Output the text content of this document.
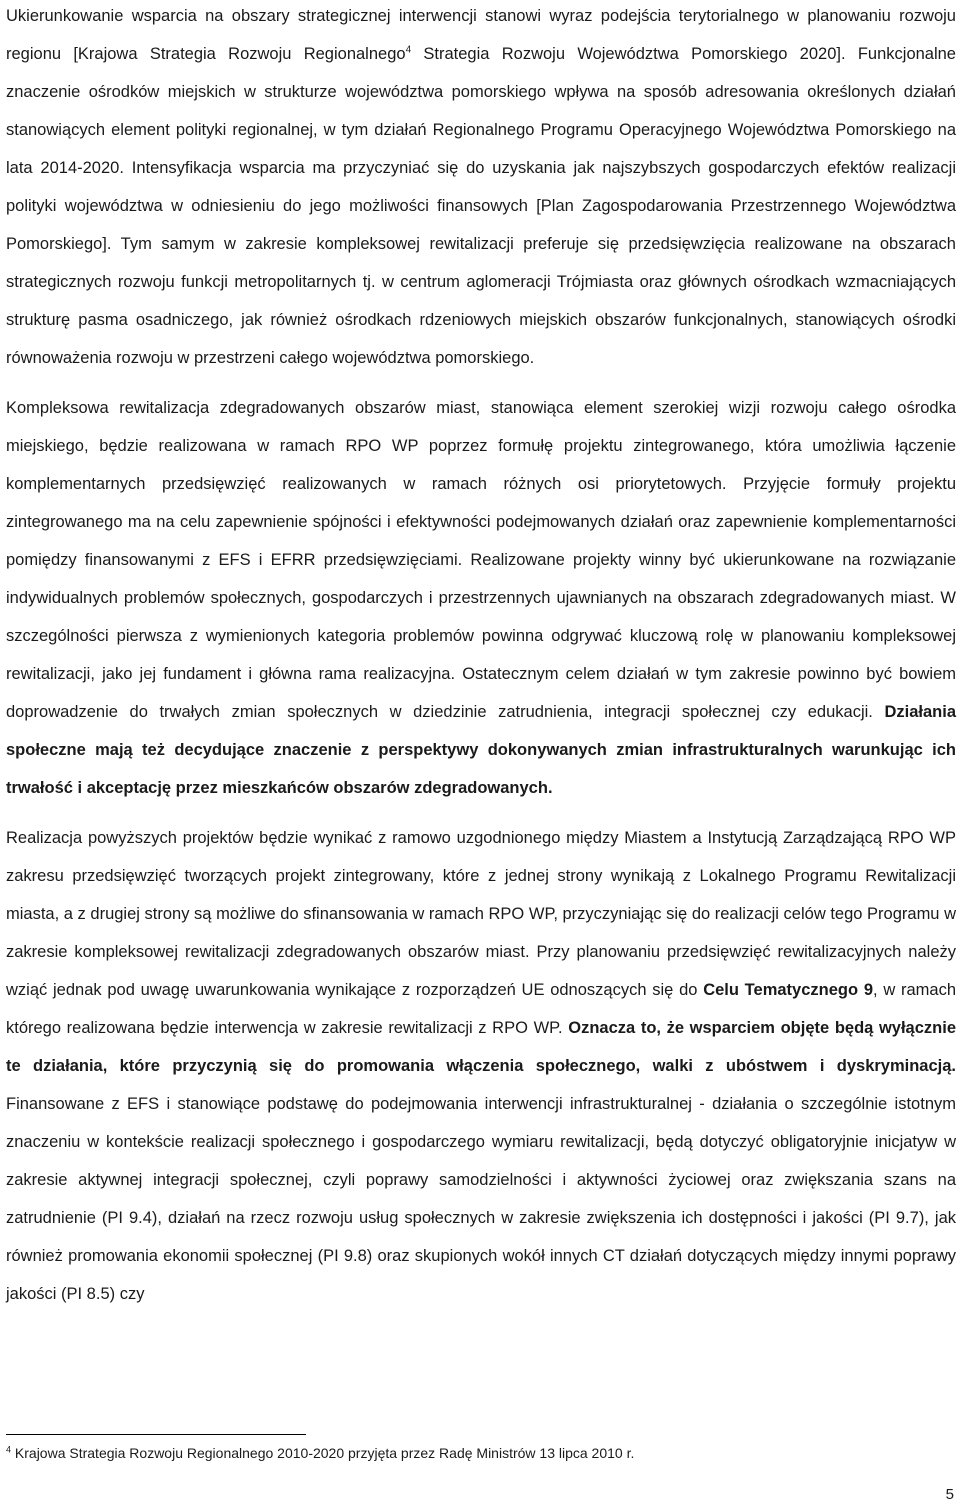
Ukierunkowanie wsparcia na obszary strategicznej interwencji stanowi wyraz podejścia terytorialnego w planowaniu rozwoju regionu [Krajowa Strategia Rozwoju Regionalnego$^4$ Strategia Rozwoju Województwa Pomorskiego 2020]. Funkcjonalne znaczenie ośrodków miejskich w strukturze województwa pomorskiego wpływa na sposób adresowania określonych działań stanowiących element polityki regionalnej, w tym działań Regionalnego Programu Operacyjnego Województwa Pomorskiego na lata 2014-2020. Intensyfikacja wsparcia ma przyczyniać się do uzyskania jak najszybszych gospodarczych efektów realizacji polityki województwa w odniesieniu do jego możliwości finansowych [Plan Zagospodarowania Przestrzennego Województwa Pomorskiego]. Tym samym w zakresie kompleksowej rewitalizacji preferuje się przedsięwzięcia realizowane na obszarach strategicznych rozwoju funkcji metropolitarnych tj. w centrum aglomeracji Trójmiasta oraz głównych ośrodkach wzmacniających strukturę pasma osadniczego, jak również ośrodkach rdzeniowych miejskich obszarów funkcjonalnych, stanowiących ośrodki równoważenia rozwoju w przestrzeni całego województwa pomorskiego.

Kompleksowa rewitalizacja zdegradowanych obszarów miast, stanowiąca element szerokiej wizji rozwoju całego ośrodka miejskiego, będzie realizowana w ramach RPO WP poprzez formułę projektu zintegrowanego, która umożliwia łączenie komplementarnych przedsięwzięć realizowanych w ramach różnych osi priorytetowych. Przyjęcie formuły projektu zintegrowanego ma na celu zapewnienie spójności i efektywności podejmowanych działań oraz zapewnienie komplementarności pomiędzy finansowanymi z EFS i EFRR przedsięwzięciami. Realizowane projekty winny być ukierunkowane na rozwiązanie indywidualnych problemów społecznych, gospodarczych i przestrzennych ujawnianych na obszarach zdegradowanych miast. W szczególności pierwsza z wymienionych kategoria problemów powinna odgrywać kluczową rolę w planowaniu kompleksowej rewitalizacji, jako jej fundament i główna rama realizacyjna. Ostatecznym celem działań w tym zakresie powinno być bowiem doprowadzenie do trwałych zmian społecznych w dziedzinie zatrudnienia, integracji społecznej czy edukacji. Działania społeczne mają też decydujące znaczenie z perspektywy dokonywanych zmian infrastrukturalnych warunkując ich trwałość i akceptację przez mieszkańców obszarów zdegradowanych.

Realizacja powyższych projektów będzie wynikać z ramowo uzgodnionego między Miastem a Instytucją Zarządzającą RPO WP zakresu przedsięwzięć tworzących projekt zintegrowany, które z jednej strony wynikają z Lokalnego Programu Rewitalizacji miasta, a z drugiej strony są możliwe do sfinansowania w ramach RPO WP, przyczyniając się do realizacji celów tego Programu w zakresie kompleksowej rewitalizacji zdegradowanych obszarów miast. Przy planowaniu przedsięwzięć rewitalizacyjnych należy wziąć jednak pod uwagę uwarunkowania wynikające z rozporządzeń UE odnoszących się do Celu Tematycznego 9, w ramach którego realizowana będzie interwencja w zakresie rewitalizacji z RPO WP. Oznacza to, że wsparciem objęte będą wyłącznie te działania, które przyczynią się do promowania włączenia społecznego, walki z ubóstwem i dyskryminacją. Finansowane z EFS i stanowiące podstawę do podejmowania interwencji infrastrukturalnej - działania o szczególnie istotnym znaczeniu w kontekście realizacji społecznego i gospodarczego wymiaru rewitalizacji, będą dotyczyć obligatoryjnie inicjatyw w zakresie aktywnej integracji społecznej, czyli poprawy samodzielności i aktywności życiowej oraz zwiększania szans na zatrudnienie (PI 9.4), działań na rzecz rozwoju usług społecznych w zakresie zwiększenia ich dostępności i jakości (PI 9.7), jak również promowania ekonomii społecznej (PI 9.8) oraz skupionych wokół innych CT działań dotyczących między innymi poprawy jakości (PI 8.5) czy

$^4$ Krajowa Strategia Rozwoju Regionalnego 2010-2020 przyjęta przez Radę Ministrów 13 lipca 2010 r.
5
